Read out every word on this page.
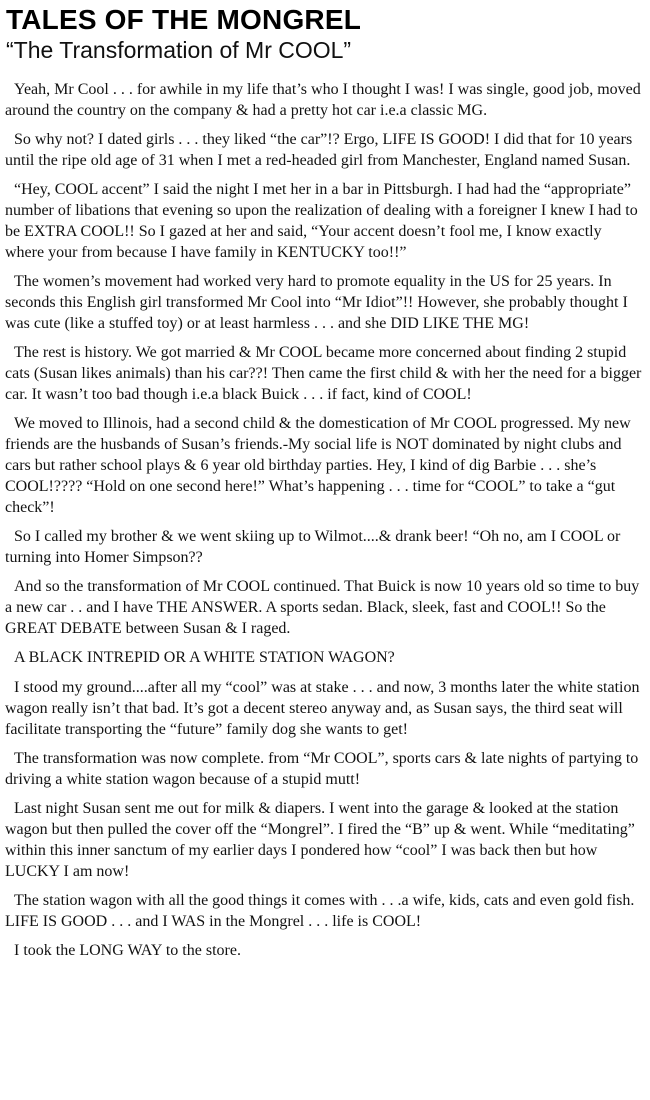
TALES OF THE MONGREL
“The Transformation of Mr COOL”

Yeah, Mr Cool . . . for awhile in my life that’s who I thought I was! I was single, good job, moved around the country on the company & had a pretty hot car i.e.a classic MG.

So why not? I dated girls . . . they liked “the car”!? Ergo, LIFE IS GOOD! I did that for 10 years until the ripe old age of 31 when I met a red-headed girl from Manchester, England named Susan.

“Hey, COOL accent” I said the night I met her in a bar in Pittsburgh. I had had the “appropriate” number of libations that evening so upon the realization of dealing with a foreigner I knew I had to be EXTRA COOL!! So I gazed at her and said, “Your accent doesn’t fool me, I know exactly where your from because I have family in KENTUCKY too!!”

The women’s movement had worked very hard to promote equality in the US for 25 years. In seconds this English girl transformed Mr Cool into “Mr Idiot”!! However, she probably thought I was cute (like a stuffed toy) or at least harmless . . . and she DID LIKE THE MG!

The rest is history. We got married & Mr COOL became more concerned about finding 2 stupid cats (Susan likes animals) than his car??! Then came the first child & with her the need for a bigger car. It wasn’t too bad though i.e.a black Buick . . . if fact, kind of COOL!

We moved to Illinois, had a second child & the domestication of Mr COOL progressed. My new friends are the husbands of Susan’s friends.-My social life is NOT dominated by night clubs and cars but rather school plays & 6 year old birthday parties. Hey, I kind of dig Barbie . . . she’s COOL!???? “Hold on one second here!” What’s happening . . . time for “COOL” to take a “gut check”!

So I called my brother & we went skiing up to Wilmot....& drank beer! “Oh no, am I COOL or turning into Homer Simpson??

And so the transformation of Mr COOL continued. That Buick is now 10 years old so time to buy a new car . . and I have THE ANSWER. A sports sedan. Black, sleek, fast and COOL!! So the GREAT DEBATE between Susan & I raged.

A BLACK INTREPID OR A WHITE STATION WAGON?

I stood my ground....after all my “cool” was at stake . . . and now, 3 months later the white station wagon really isn’t that bad. It’s got a decent stereo anyway and, as Susan says, the third seat will facilitate transporting the “future” family dog she wants to get!

The transformation was now complete. from “Mr COOL”, sports cars & late nights of partying to driving a white station wagon because of a stupid mutt!

Last night Susan sent me out for milk & diapers. I went into the garage & looked at the station wagon but then pulled the cover off the “Mongrel”. I fired the “B” up & went. While “meditating” within this inner sanctum of my earlier days I pondered how “cool” I was back then but how LUCKY I am now!

The station wagon with all the good things it comes with . . .a wife, kids, cats and even gold fish. LIFE IS GOOD . . . and I WAS in the Mongrel . . . life is COOL!

I took the LONG WAY to the store.
